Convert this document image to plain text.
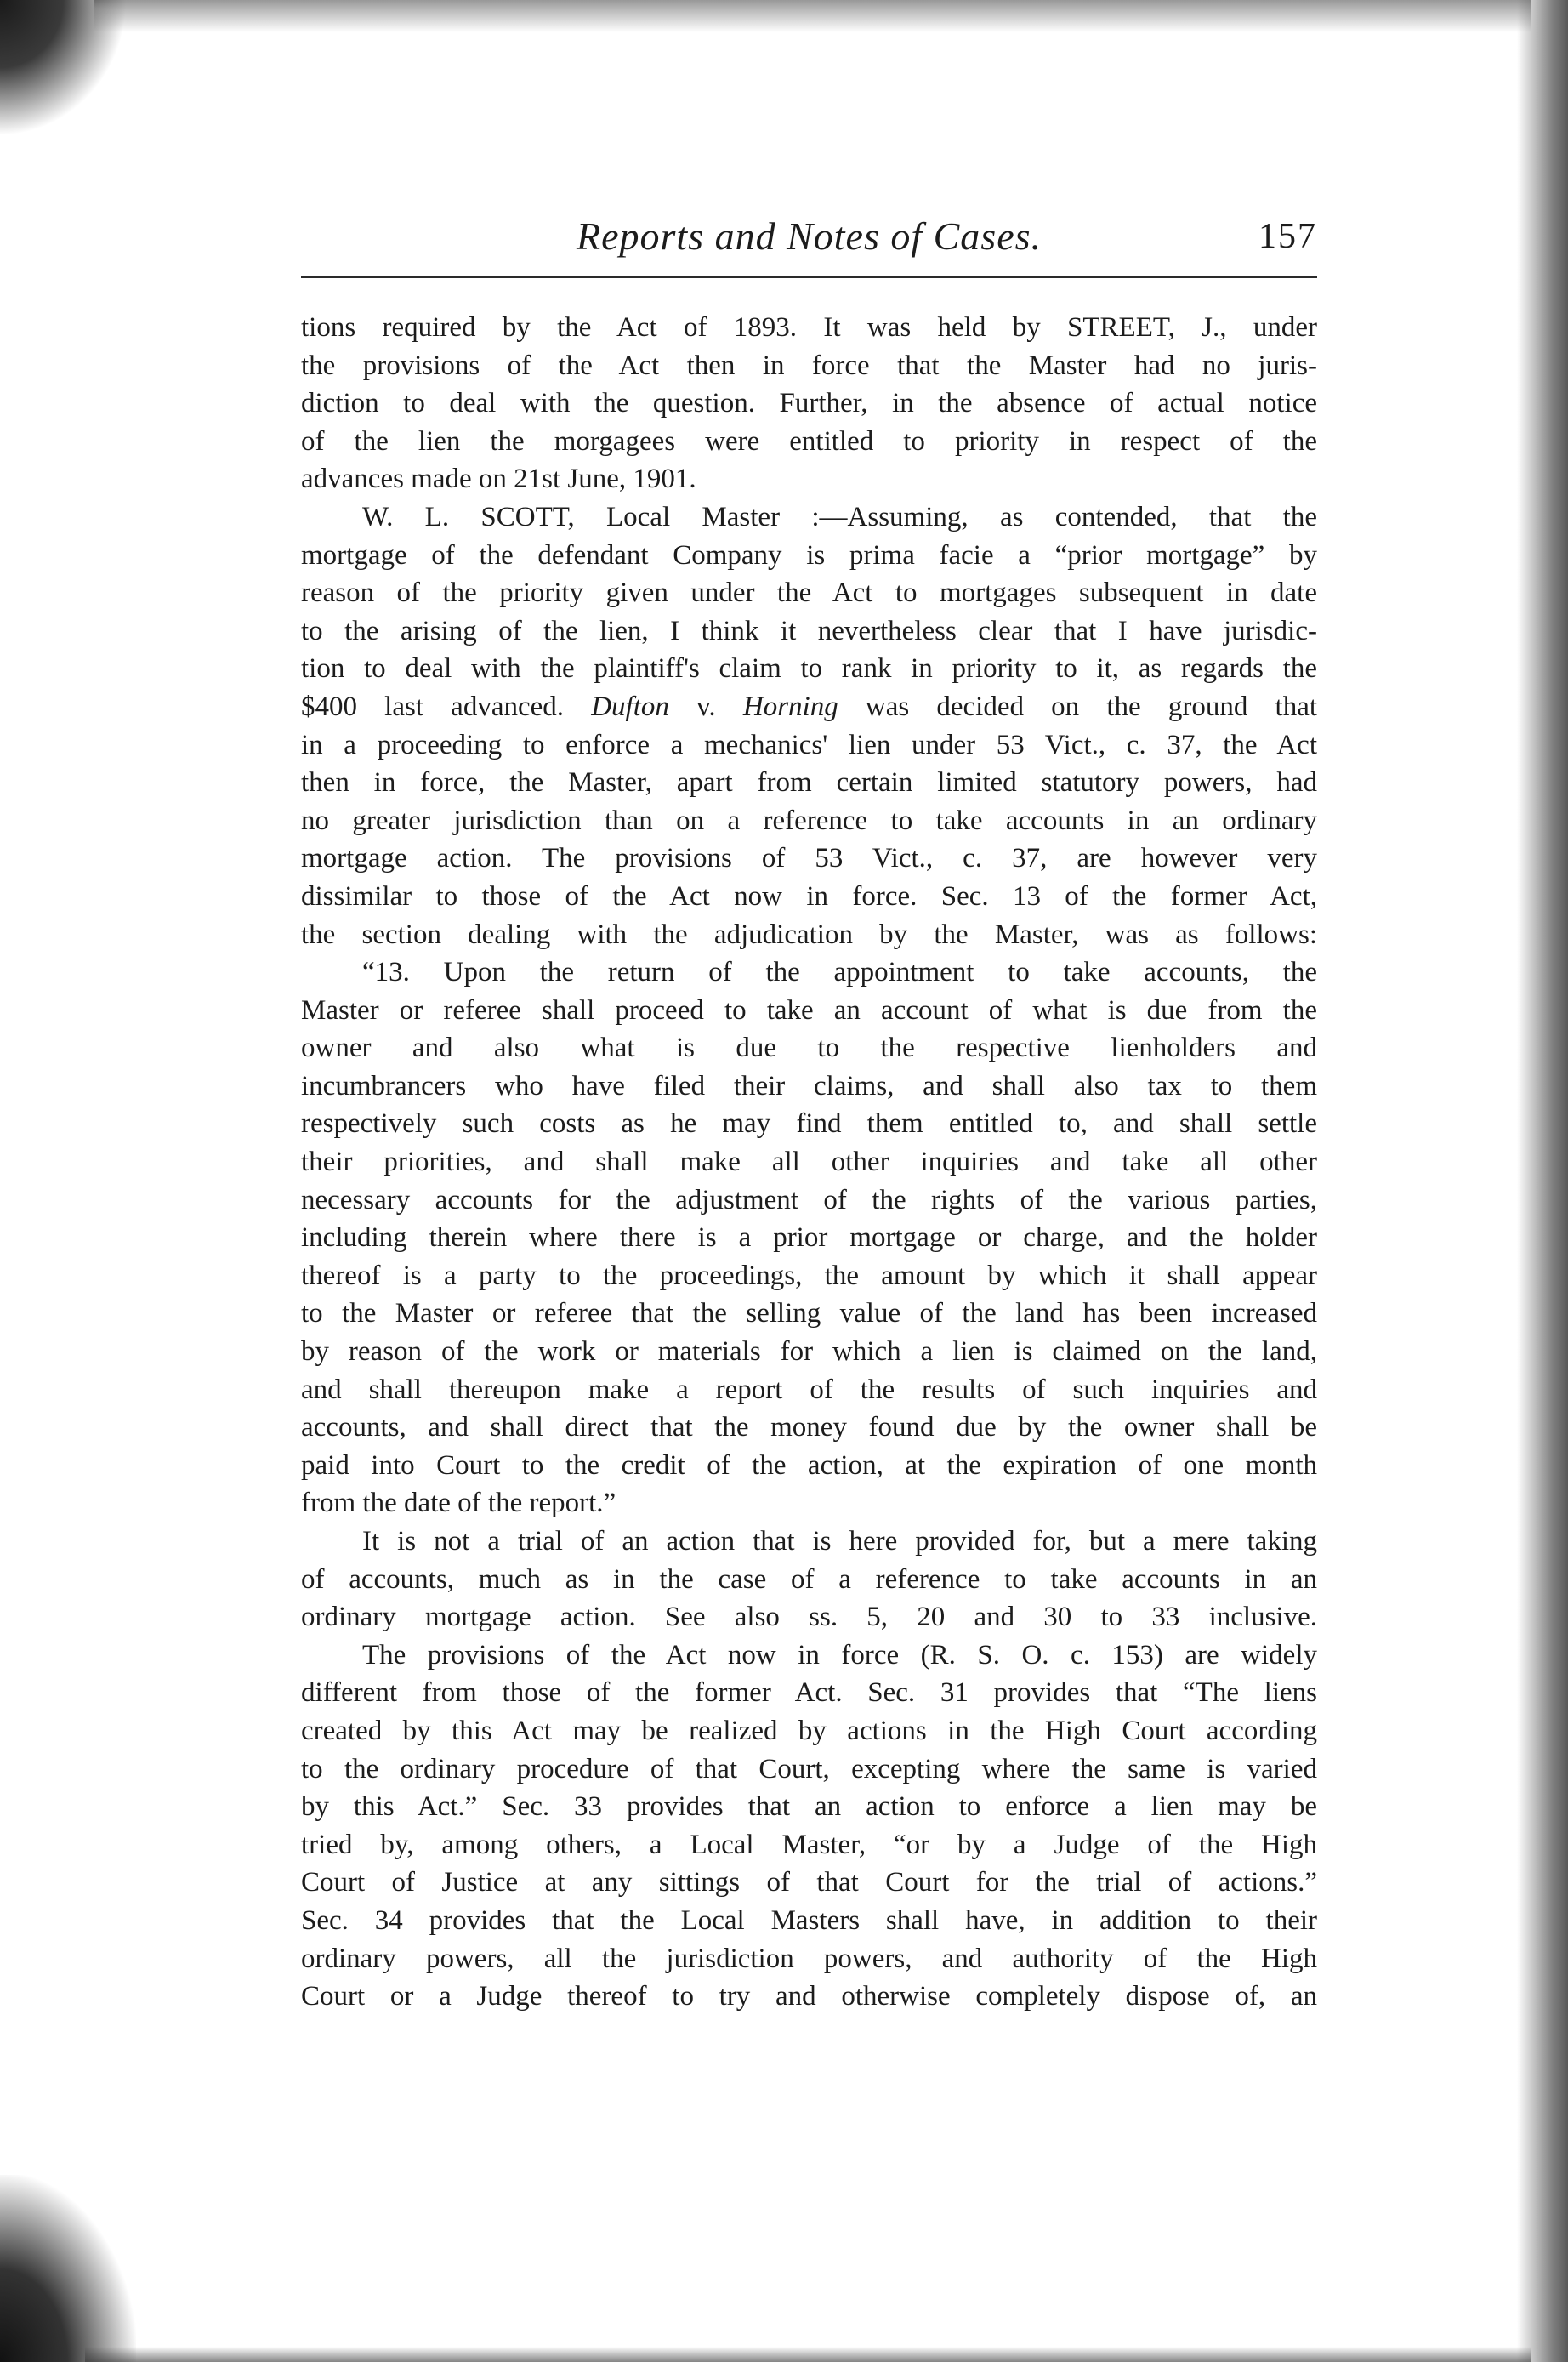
Reports and Notes of Cases.	157

tions required by the Act of 1893. It was held by STREET, J., under

the provisions of the Act then in force that the Master had no juris-

diction to deal with the question. Further, in the absence of actual notice

of the lien the morgagees were entitled to priority in respect of the

advances made on 21st June, 1901.

W. L. SCOTT, Local Master :—Assuming, as contended, that the

mortgage of the defendant Company is prima facie a “prior mortgage” by

reason of the priority given under the Act to mortgages subsequent in date

to the arising of the lien, I think it nevertheless clear that I have jurisdic-

tion to deal with the plaintiff's claim to rank in priority to it, as regards the

$400 last advanced. Dufton v. Horning was decided on the ground that

in a proceeding to enforce a mechanics' lien under 53 Vict., c. 37, the Act

then in force, the Master, apart from certain limited statutory powers, had

no greater jurisdiction than on a reference to take accounts in an ordinary

mortgage action. The provisions of 53 Vict., c. 37, are however very

dissimilar to those of the Act now in force. Sec. 13 of the former Act,

the section dealing with the adjudication by the Master, was as follows:

“13. Upon the return of the appointment to take accounts, the

Master or referee shall proceed to take an account of what is due from the

owner and also what is due to the respective lienholders and

incumbrancers who have filed their claims, and shall also tax to them

respectively such costs as he may find them entitled to, and shall settle

their priorities, and shall make all other inquiries and take all other

necessary accounts for the adjustment of the rights of the various parties,

including therein where there is a prior mortgage or charge, and the holder

thereof is a party to the proceedings, the amount by which it shall appear

to the Master or referee that the selling value of the land has been increased

by reason of the work or materials for which a lien is claimed on the land,

and shall thereupon make a report of the results of such inquiries and

accounts, and shall direct that the money found due by the owner shall be

paid into Court to the credit of the action, at the expiration of one month

from the date of the report.”

It is not a trial of an action that is here provided for, but a mere taking

of accounts, much as in the case of a reference to take accounts in an

ordinary mortgage action. See also ss. 5, 20 and 30 to 33 inclusive.

The provisions of the Act now in force (R. S. O. c. 153) are widely

different from those of the former Act. Sec. 31 provides that “The liens

created by this Act may be realized by actions in the High Court according

to the ordinary procedure of that Court, excepting where the same is varied

by this Act.” Sec. 33 provides that an action to enforce a lien may be

tried by, among others, a Local Master, “or by a Judge of the High

Court of Justice at any sittings of that Court for the trial of actions.”

Sec. 34 provides that the Local Masters shall have, in addition to their

ordinary powers, all the jurisdiction powers, and authority of the High

Court or a Judge thereof to try and otherwise completely dispose of, an
